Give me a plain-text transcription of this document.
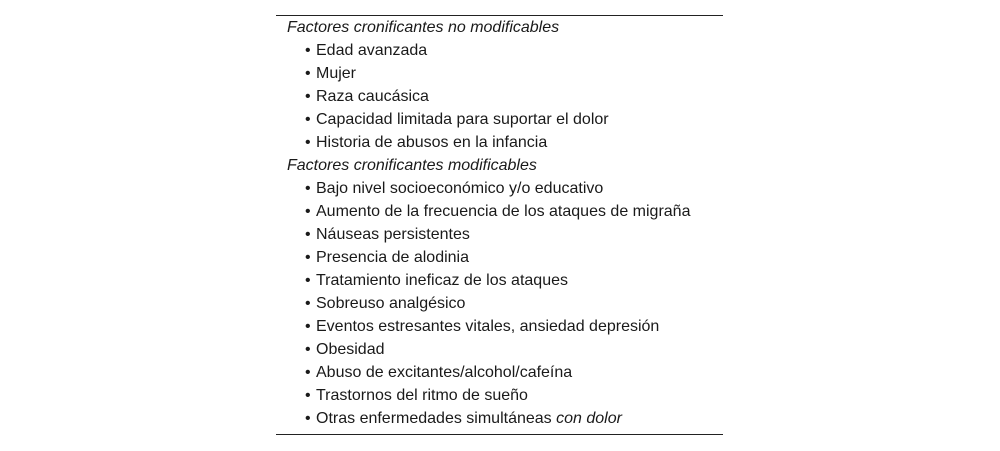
Factores cronificantes no modificables
• Edad avanzada
• Mujer
• Raza caucásica
• Capacidad limitada para suportar el dolor
• Historia de abusos en la infancia
Factores cronificantes modificables
• Bajo nivel socioeconómico y/o educativo
• Aumento de la frecuencia de los ataques de migraña
• Náuseas persistentes
• Presencia de alodinia
• Tratamiento ineficaz de los ataques
• Sobreuso analgésico
• Eventos estresantes vitales, ansiedad depresión
• Obesidad
• Abuso de excitantes/alcohol/cafeína
• Trastornos del ritmo de sueño
• Otras enfermedades simultáneas con dolor
